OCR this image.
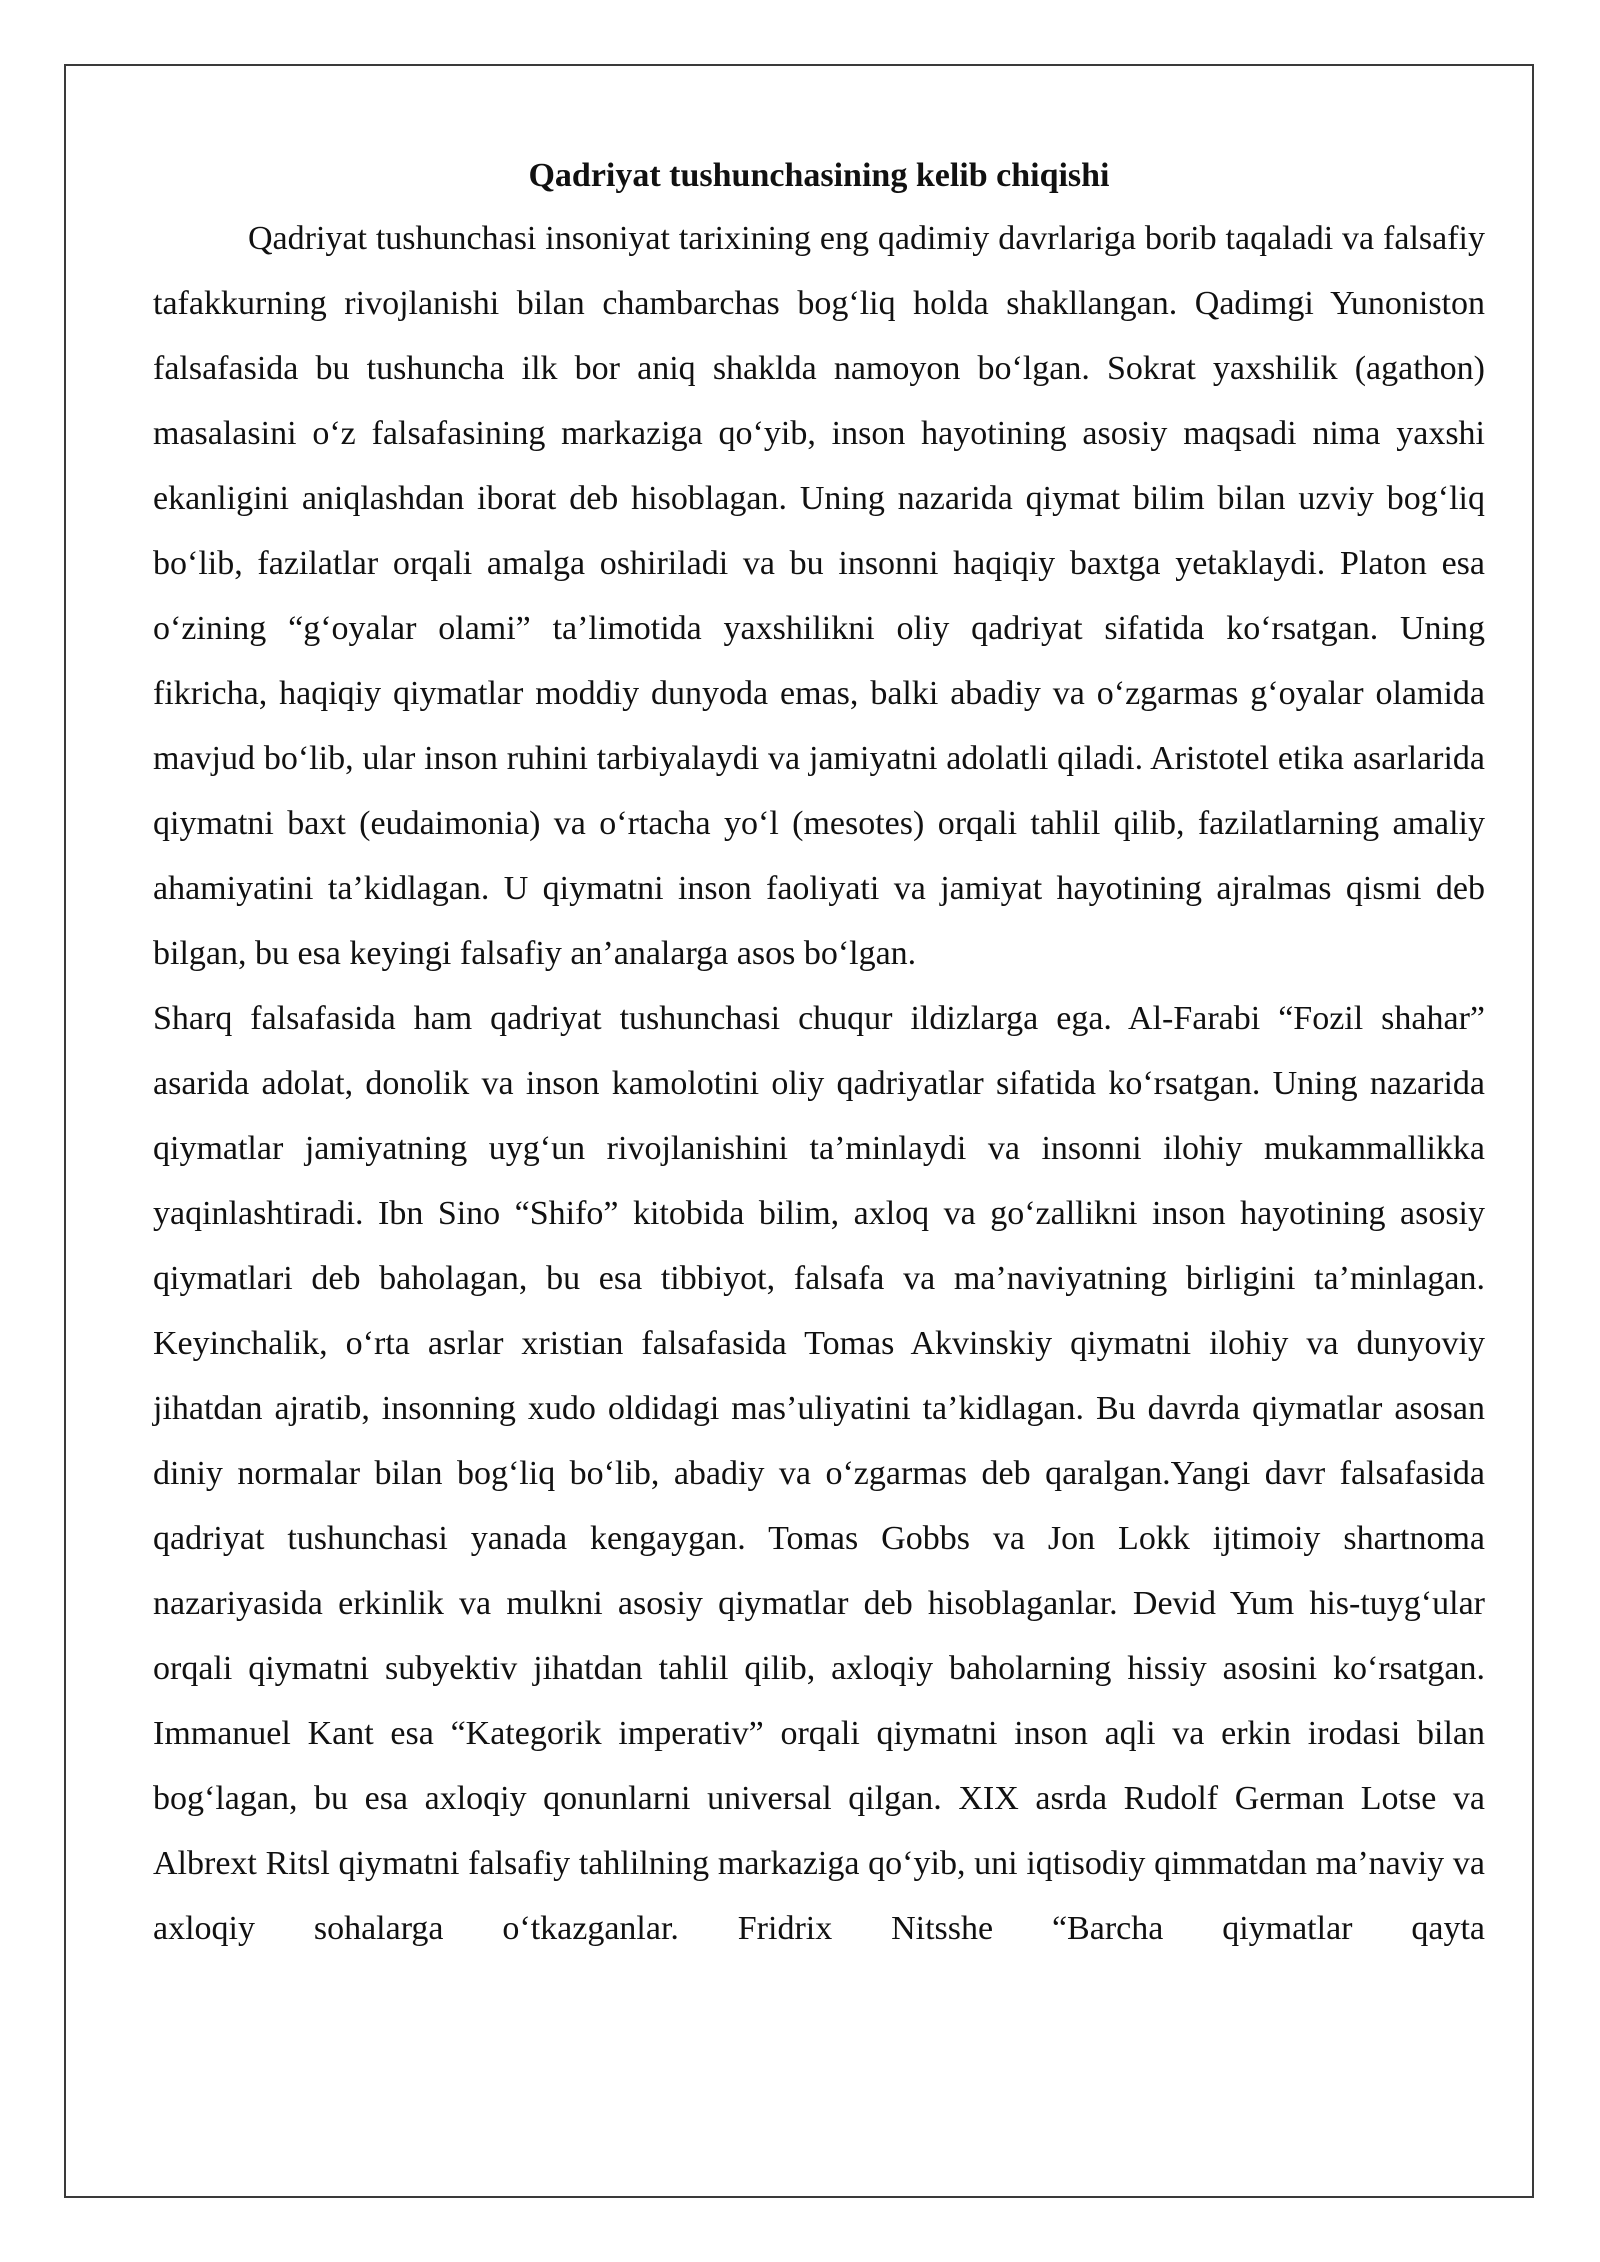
Qadriyat tushunchasining kelib chiqishi

Qadriyat tushunchasi insoniyat tarixining eng qadimiy davrlariga borib taqaladi va falsafiy tafakkurning rivojlanishi bilan chambarchas bog‘liq holda shakllangan. Qadimgi Yunoniston falsafasida bu tushuncha ilk bor aniq shaklda namoyon bo‘lgan. Sokrat yaxshilik (agathon) masalasini o‘z falsafasining markaziga qo‘yib, inson hayotining asosiy maqsadi nima yaxshi ekanligini aniqlashdan iborat deb hisoblagan. Uning nazarida qiymat bilim bilan uzviy bog‘liq bo‘lib, fazilatlar orqali amalga oshiriladi va bu insonni haqiqiy baxtga yetaklaydi. Platon esa o‘zining “g‘oyalar olami” ta’limotida yaxshilikni oliy qadriyat sifatida ko‘rsatgan. Uning fikricha, haqiqiy qiymatlar moddiy dunyoda emas, balki abadiy va o‘zgarmas g‘oyalar olamida mavjud bo‘lib, ular inson ruhini tarbiyalaydi va jamiyatni adolatli qiladi. Aristotel etika asarlarida qiymatni baxt (eudaimonia) va o‘rtacha yo‘l (mesotes) orqali tahlil qilib, fazilatlarning amaliy ahamiyatini ta’kidlagan. U qiymatni inson faoliyati va jamiyat hayotining ajralmas qismi deb bilgan, bu esa keyingi falsafiy an’analarga asos bo‘lgan.

Sharq falsafasida ham qadriyat tushunchasi chuqur ildizlarga ega. Al-Farabi “Fozil shahar” asarida adolat, donolik va inson kamolotini oliy qadriyatlar sifatida ko‘rsatgan. Uning nazarida qiymatlar jamiyatning uyg‘un rivojlanishini ta’minlaydi va insonni ilohiy mukammallikka yaqinlashtiradi. Ibn Sino “Shifo” kitobida bilim, axloq va go‘zallikni inson hayotining asosiy qiymatlari deb baholagan, bu esa tibbiyot, falsafa va ma’naviyatning birligini ta’minlagan. Keyinchalik, o‘rta asrlar xristian falsafasida Tomas Akvinskiy qiymatni ilohiy va dunyoviy jihatdan ajratib, insonning xudo oldidagi mas’uliyatini ta’kidlagan. Bu davrda qiymatlar asosan diniy normalar bilan bog‘liq bo‘lib, abadiy va o‘zgarmas deb qaralgan.Yangi davr falsafasida qadriyat tushunchasi yanada kengaygan. Tomas Gobbs va Jon Lokk ijtimoiy shartnoma nazariyasida erkinlik va mulkni asosiy qiymatlar deb hisoblaganlar. Devid Yum his-tuyg‘ular orqali qiymatni subyektiv jihatdan tahlil qilib, axloqiy baholarning hissiy asosini ko‘rsatgan. Immanuel Kant esa “Kategorik imperativ” orqali qiymatni inson aqli va erkin irodasi bilan bog‘lagan, bu esa axloqiy qonunlarni universal qilgan. XIX asrda Rudolf German Lotse va Albrext Ritsl qiymatni falsafiy tahlilning markaziga qo‘yib, uni iqtisodiy qimmatdan ma’naviy va axloqiy sohalarga o‘tkazganlar. Fridrix Nitsshe “Barcha qiymatlar qayta
